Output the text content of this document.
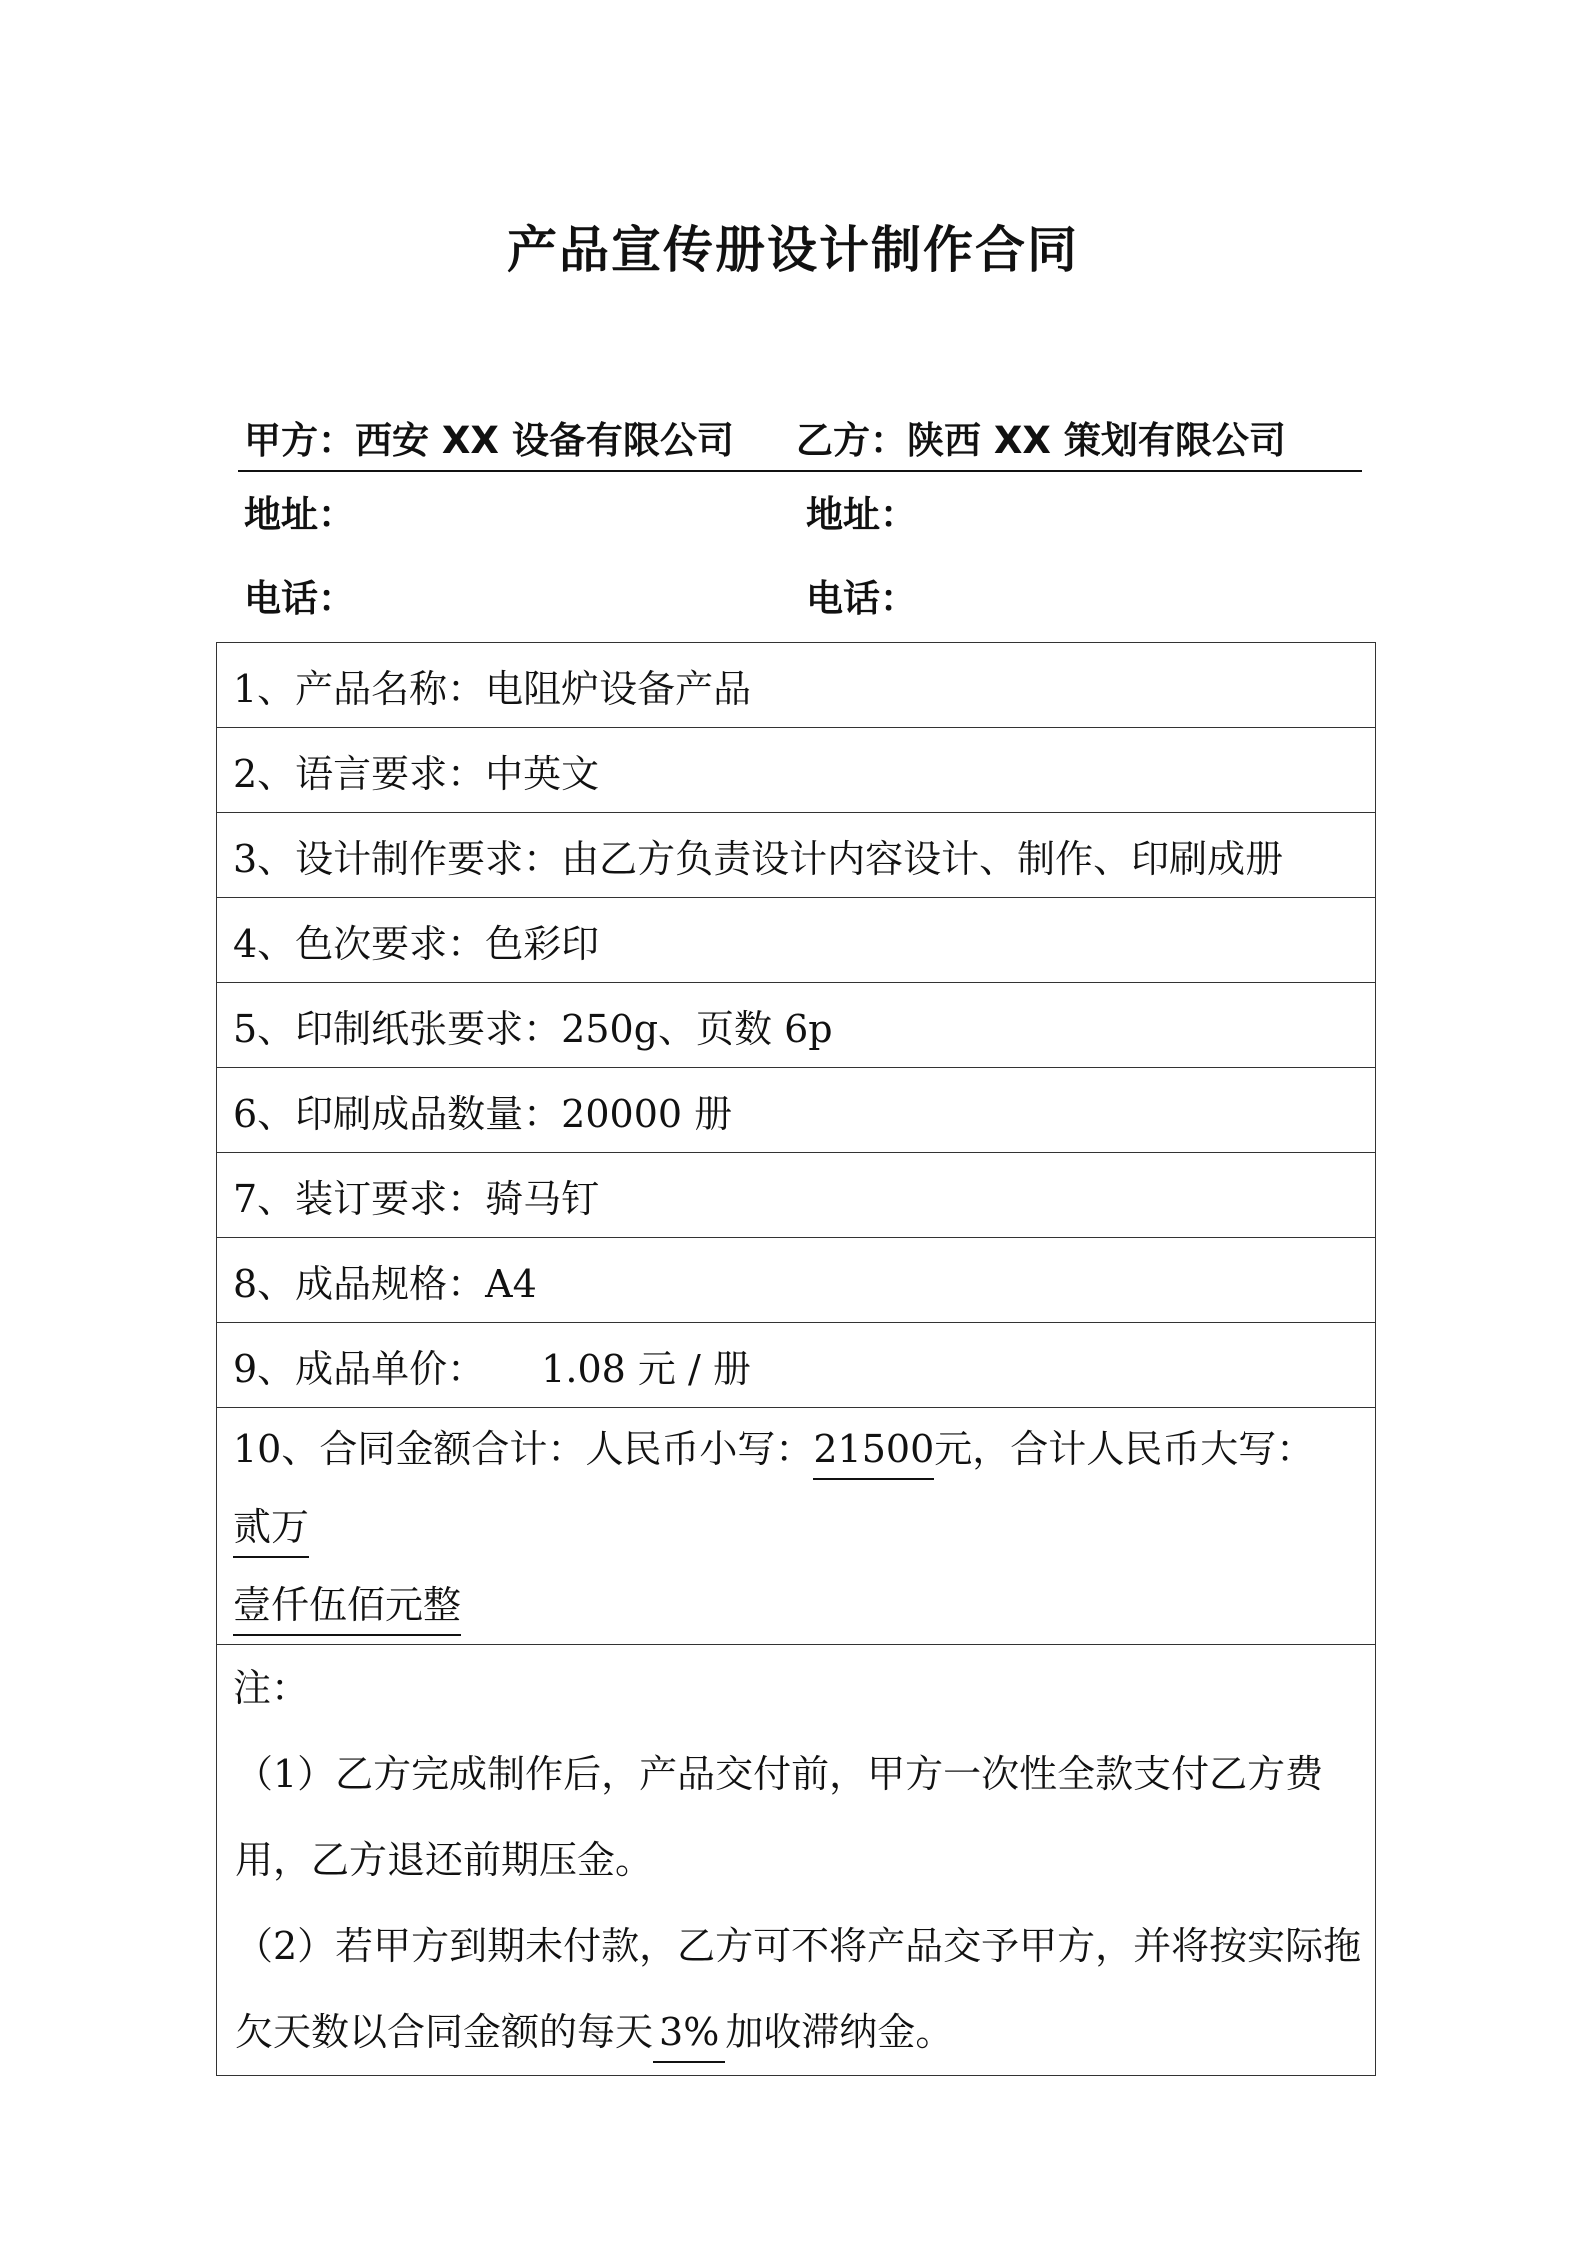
产品宣传册设计制作合同
甲方：西安 XX 设备有限公司 乙方：陕西 XX 策划有限公司
地址：	地址：
电话：	电话：
1、产品名称：电阻炉设备产品
2、语言要求：中英文
3、设计制作要求：由乙方负责设计内容设计、制作、印刷成册
4、色次要求：色彩印
5、印制纸张要求：250g、页数 6p
6、印刷成品数量：20000 册
7、装订要求：骑马钉
8、成品规格：A4
9、成品单价： 1.08 元 / 册
10、合同金额合计：人民币小写：21500元，合计人民币大写：贰万
壹仟伍佰元整

注：
（1）乙方完成制作后，产品交付前，甲方一次性全款支付乙方费用，乙方退还前期压金。
（2）若甲方到期未付款，乙方可不将产品交予甲方，并将按实际拖欠天数以合同金额的每天3%加收滞纳金。
